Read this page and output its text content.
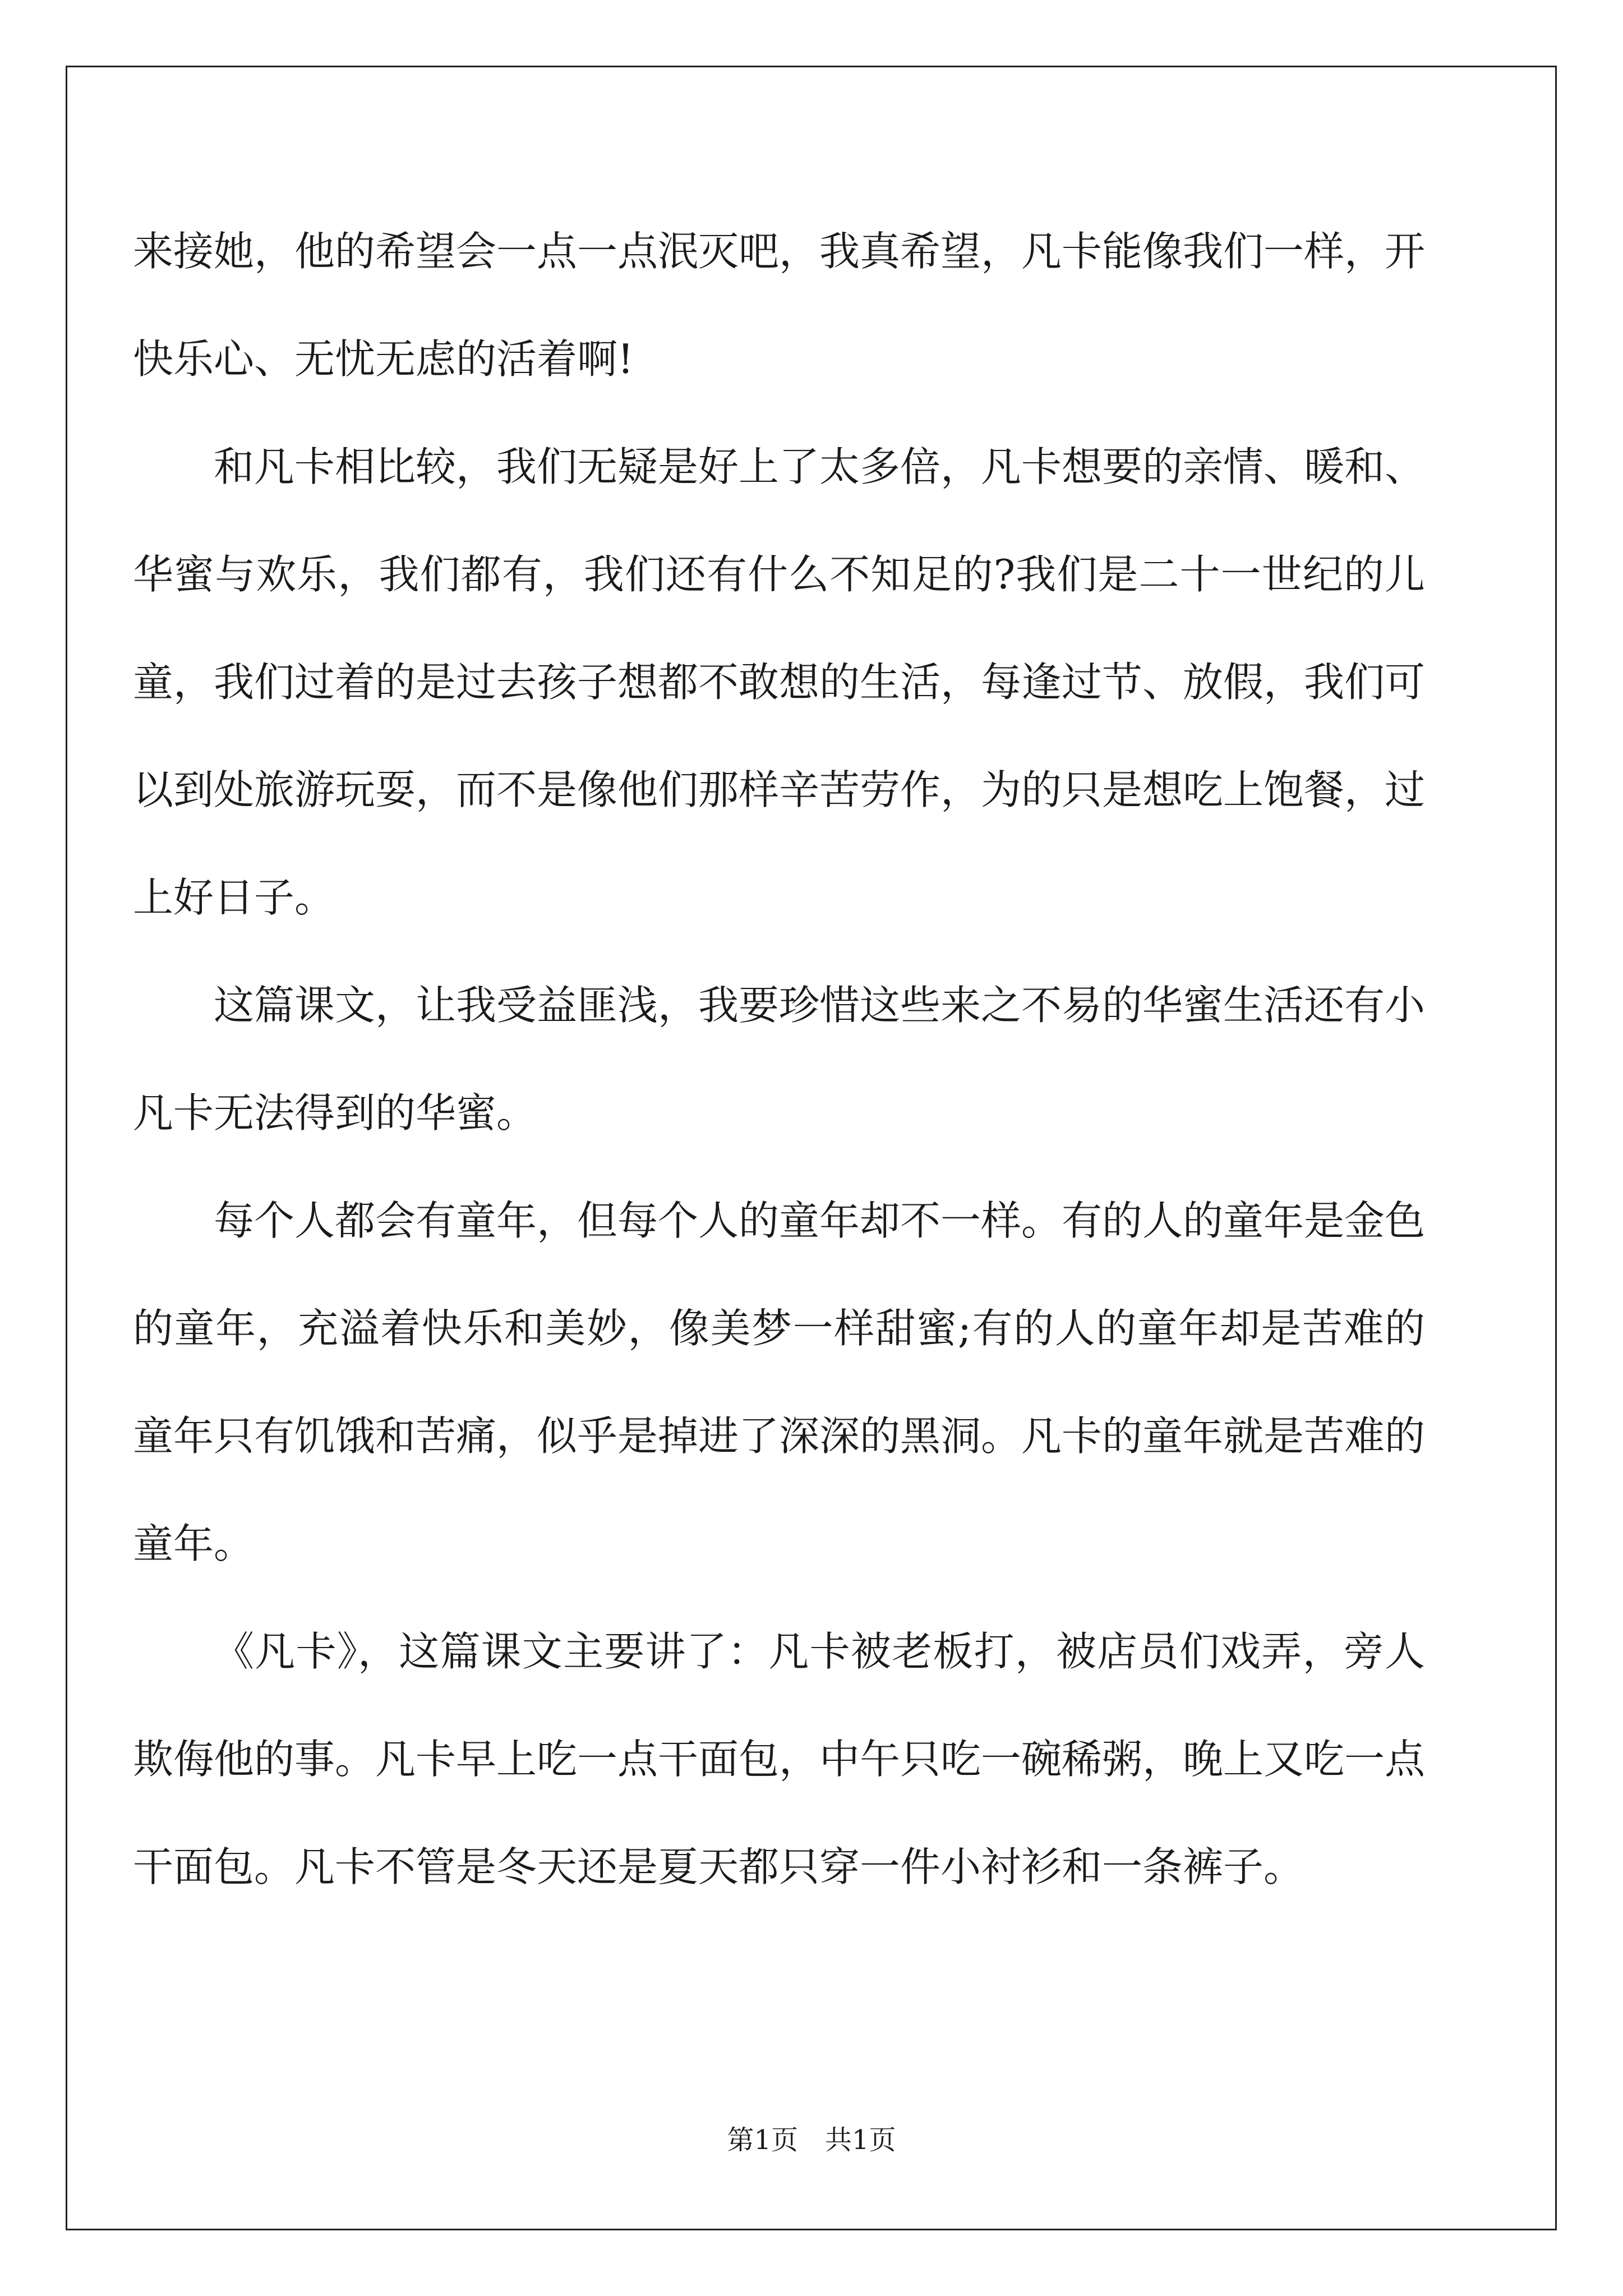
来接她，他的希望会一点一点泯灭吧，我真希望，凡卡能像我们一样，开快乐心、无忧无虑的活着啊!

和凡卡相比较，我们无疑是好上了太多倍，凡卡想要的亲情、暖和、华蜜与欢乐，我们都有，我们还有什么不知足的?我们是二十一世纪的儿童，我们过着的是过去孩子想都不敢想的生活，每逢过节、放假，我们可以到处旅游玩耍，而不是像他们那样辛苦劳作，为的只是想吃上饱餐，过上好日子。

这篇课文，让我受益匪浅，我要珍惜这些来之不易的华蜜生活还有小凡卡无法得到的华蜜。

每个人都会有童年，但每个人的童年却不一样。有的人的童年是金色的童年，充溢着快乐和美妙，像美梦一样甜蜜;有的人的童年却是苦难的童年只有饥饿和苦痛，似乎是掉进了深深的黑洞。凡卡的童年就是苦难的童年。

《凡卡》，这篇课文主要讲了：凡卡被老板打，被店员们戏弄，旁人欺侮他的事。凡卡早上吃一点干面包，中午只吃一碗稀粥，晚上又吃一点干面包。凡卡不管是冬天还是夏天都只穿一件小衬衫和一条裤子。

第1页 共1页
